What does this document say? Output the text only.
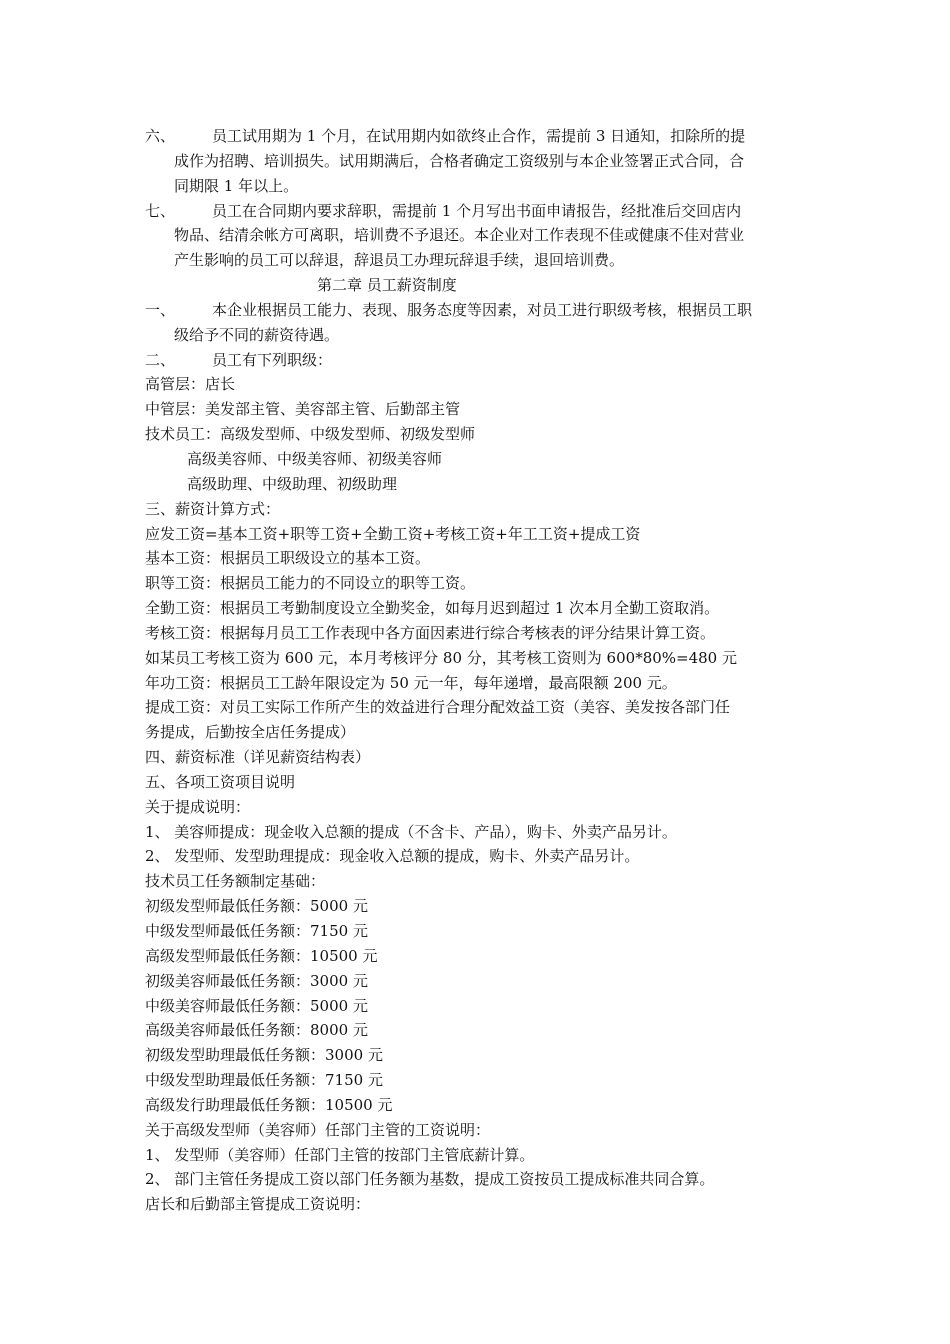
六、	员工试用期为 1 个月，在试用期内如欲终止合作，需提前 3 日通知，扣除所的提
成作为招聘、培训损失。试用期满后，合格者确定工资级别与本企业签署正式合同，合
同期限 1 年以上。
七、	员工在合同期内要求辞职，需提前 1 个月写出书面申请报告，经批准后交回店内
物品、结清余帐方可离职，培训费不予退还。本企业对工作表现不佳或健康不佳对营业
产生影响的员工可以辞退，辞退员工办理玩辞退手续，退回培训费。
第二章 员工薪资制度
一、	本企业根据员工能力、表现、服务态度等因素，对员工进行职级考核，根据员工职
级给予不同的薪资待遇。
二、	员工有下列职级：
高管层：店长
中管层：美发部主管、美容部主管、后勤部主管
技术员工：高级发型师、中级发型师、初级发型师
高级美容师、中级美容师、初级美容师
高级助理、中级助理、初级助理
三、薪资计算方式：
应发工资=基本工资+职等工资+全勤工资+考核工资+年工工资+提成工资
基本工资：根据员工职级设立的基本工资。
职等工资：根据员工能力的不同设立的职等工资。
全勤工资：根据员工考勤制度设立全勤奖金，如每月迟到超过 1 次本月全勤工资取消。
考核工资：根据每月员工工作表现中各方面因素进行综合考核表的评分结果计算工资。
如某员工考核工资为 600 元，本月考核评分 80 分，其考核工资则为 600*80%=480 元
年功工资：根据员工工龄年限设定为 50 元一年，每年递增，最高限额 200 元。
提成工资：对员工实际工作所产生的效益进行合理分配效益工资（美容、美发按各部门任
务提成，后勤按全店任务提成）
四、薪资标准（详见薪资结构表）
五、各项工资项目说明
关于提成说明：
1、 美容师提成：现金收入总额的提成（不含卡、产品），购卡、外卖产品另计。
2、 发型师、发型助理提成：现金收入总额的提成，购卡、外卖产品另计。
技术员工任务额制定基础：
初级发型师最低任务额：5000 元
中级发型师最低任务额：7150 元
高级发型师最低任务额：10500 元
初级美容师最低任务额：3000 元
中级美容师最低任务额：5000 元
高级美容师最低任务额：8000 元
初级发型助理最低任务额：3000 元
中级发型助理最低任务额：7150 元
高级发行助理最低任务额：10500 元
关于高级发型师（美容师）任部门主管的工资说明：
1、 发型师（美容师）任部门主管的按部门主管底薪计算。
2、 部门主管任务提成工资以部门任务额为基数，提成工资按员工提成标准共同合算。
店长和后勤部主管提成工资说明：
